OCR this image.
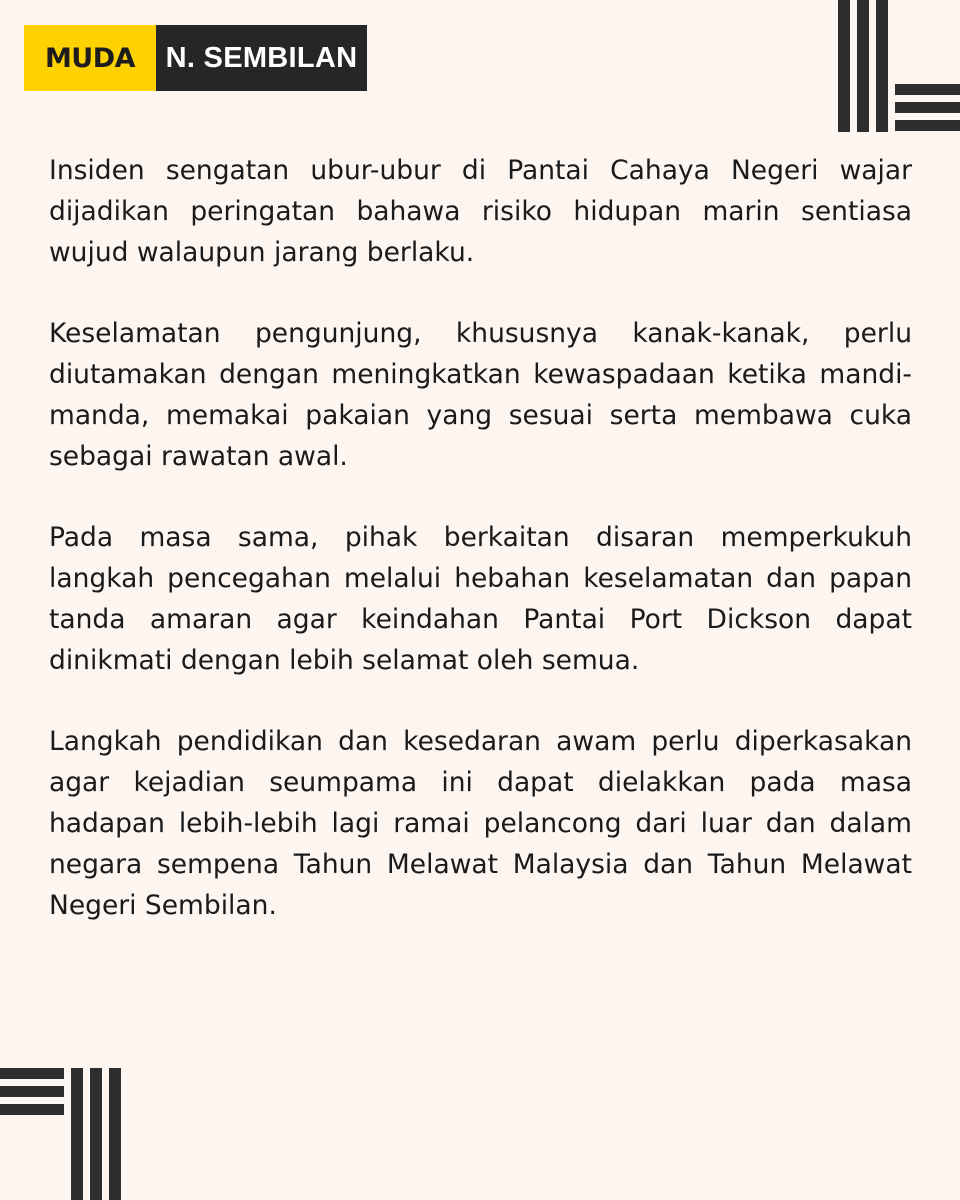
MUDA	N. SEMBILAN

Insiden sengatan ubur-ubur di Pantai Cahaya Negeri wajar dijadikan peringatan bahawa risiko hidupan marin sentiasa wujud walaupun jarang berlaku.

Keselamatan pengunjung, khususnya kanak-kanak, perlu diutamakan dengan meningkatkan kewaspadaan ketika mandi-manda, memakai pakaian yang sesuai serta membawa cuka sebagai rawatan awal.

Pada masa sama, pihak berkaitan disaran memperkukuh langkah pencegahan melalui hebahan keselamatan dan papan tanda amaran agar keindahan Pantai Port Dickson dapat dinikmati dengan lebih selamat oleh semua.

Langkah pendidikan dan kesedaran awam perlu diperkasakan agar kejadian seumpama ini dapat dielakkan pada masa hadapan lebih-lebih lagi ramai pelancong dari luar dan dalam negara sempena Tahun Melawat Malaysia dan Tahun Melawat Negeri Sembilan.
